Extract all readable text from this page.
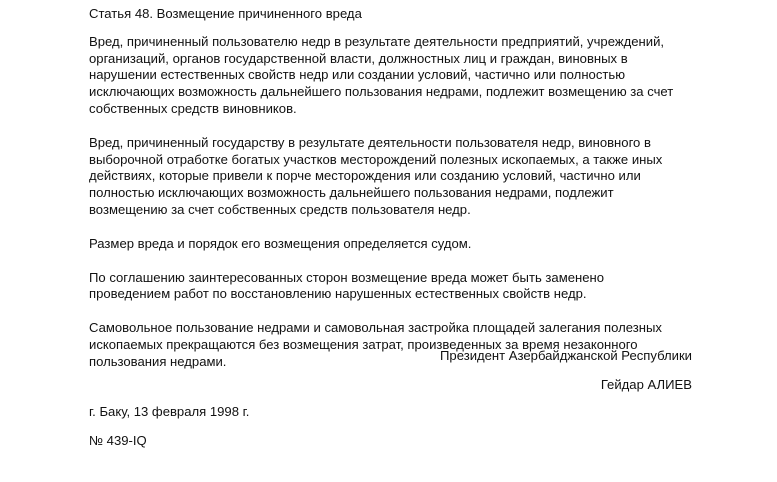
Статья 48. Возмещение причиненного вреда
Вред, причиненный пользователю недр в результате деятельности предприятий, учреждений,
организаций, органов государственной власти, должностных лиц и граждан, виновных в
нарушении естественных свойств недр или создании условий, частично или полностью
исключающих возможность дальнейшего пользования недрами, подлежит возмещению за счет
собственных средств виновников.
Вред, причиненный государству в результате деятельности пользователя недр, виновного в
выборочной отработке богатых участков месторождений полезных ископаемых, а также иных
действиях, которые привели к порче месторождения или созданию условий, частично или
полностью исключающих возможность дальнейшего пользования недрами, подлежит
возмещению за счет собственных средств пользователя недр.
Размер вреда и порядок его возмещения определяется судом.
По соглашению заинтересованных сторон возмещение вреда может быть заменено
проведением работ по восстановлению нарушенных естественных свойств недр.
Самовольное пользование недрами и самовольная застройка площадей залегания полезных
ископаемых прекращаются без возмещения затрат, произведенных за время незаконного
пользования недрами.	Президент Азербайджанской Республики
Гейдар АЛИЕВ
г. Баку, 13 февраля 1998 г.
№ 439-IQ
